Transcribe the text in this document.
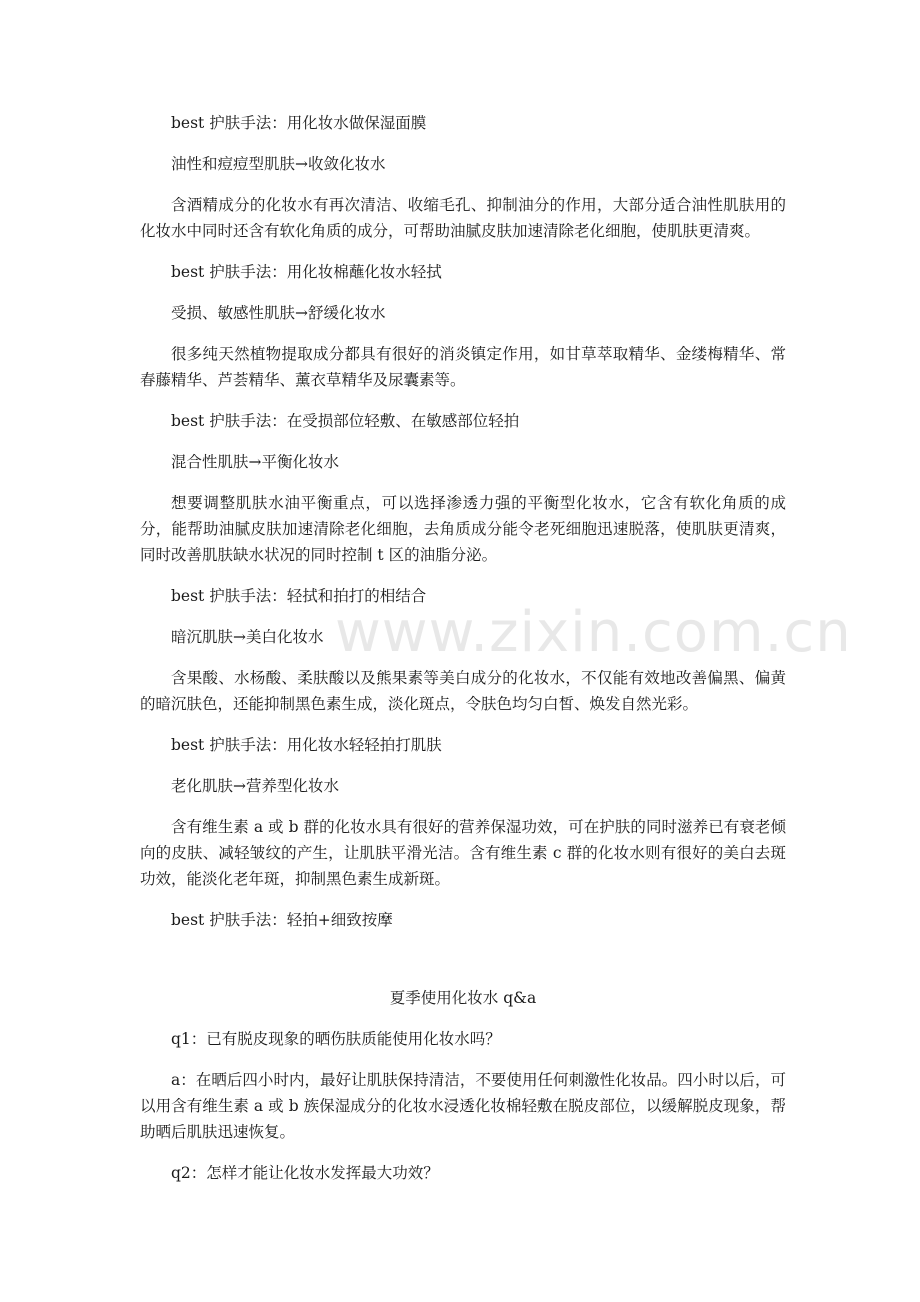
www.zixin.com.cn

best 护肤手法：用化妆水做保湿面膜

油性和痘痘型肌肤→收敛化妆水

含酒精成分的化妆水有再次清洁、收缩毛孔、抑制油分的作用，大部分适合油性肌肤用的化妆水中同时还含有软化角质的成分，可帮助油腻皮肤加速清除老化细胞，使肌肤更清爽。

best 护肤手法：用化妆棉蘸化妆水轻拭

受损、敏感性肌肤→舒缓化妆水

很多纯天然植物提取成分都具有很好的消炎镇定作用，如甘草萃取精华、金缕梅精华、常春藤精华、芦荟精华、薰衣草精华及尿囊素等。

best 护肤手法：在受损部位轻敷、在敏感部位轻拍

混合性肌肤→平衡化妆水

想要调整肌肤水油平衡重点，可以选择渗透力强的平衡型化妆水，它含有软化角质的成分，能帮助油腻皮肤加速清除老化细胞，去角质成分能令老死细胞迅速脱落，使肌肤更清爽，同时改善肌肤缺水状况的同时控制 t 区的油脂分泌。

best 护肤手法：轻拭和拍打的相结合

暗沉肌肤→美白化妆水

含果酸、水杨酸、柔肤酸以及熊果素等美白成分的化妆水，不仅能有效地改善偏黑、偏黄的暗沉肤色，还能抑制黑色素生成，淡化斑点，令肤色均匀白皙、焕发自然光彩。

best 护肤手法：用化妆水轻轻拍打肌肤

老化肌肤→营养型化妆水

含有维生素 a 或 b 群的化妆水具有很好的营养保湿功效，可在护肤的同时滋养已有衰老倾向的皮肤、减轻皱纹的产生，让肌肤平滑光洁。含有维生素 c 群的化妆水则有很好的美白去斑功效，能淡化老年斑，抑制黑色素生成新斑。

best 护肤手法：轻拍+细致按摩

夏季使用化妆水 q&a

q1：已有脱皮现象的晒伤肤质能使用化妆水吗？

a：在晒后四小时内，最好让肌肤保持清洁，不要使用任何刺激性化妆品。四小时以后，可以用含有维生素 a 或 b 族保湿成分的化妆水浸透化妆棉轻敷在脱皮部位，以缓解脱皮现象，帮助晒后肌肤迅速恢复。

q2：怎样才能让化妆水发挥最大功效？
